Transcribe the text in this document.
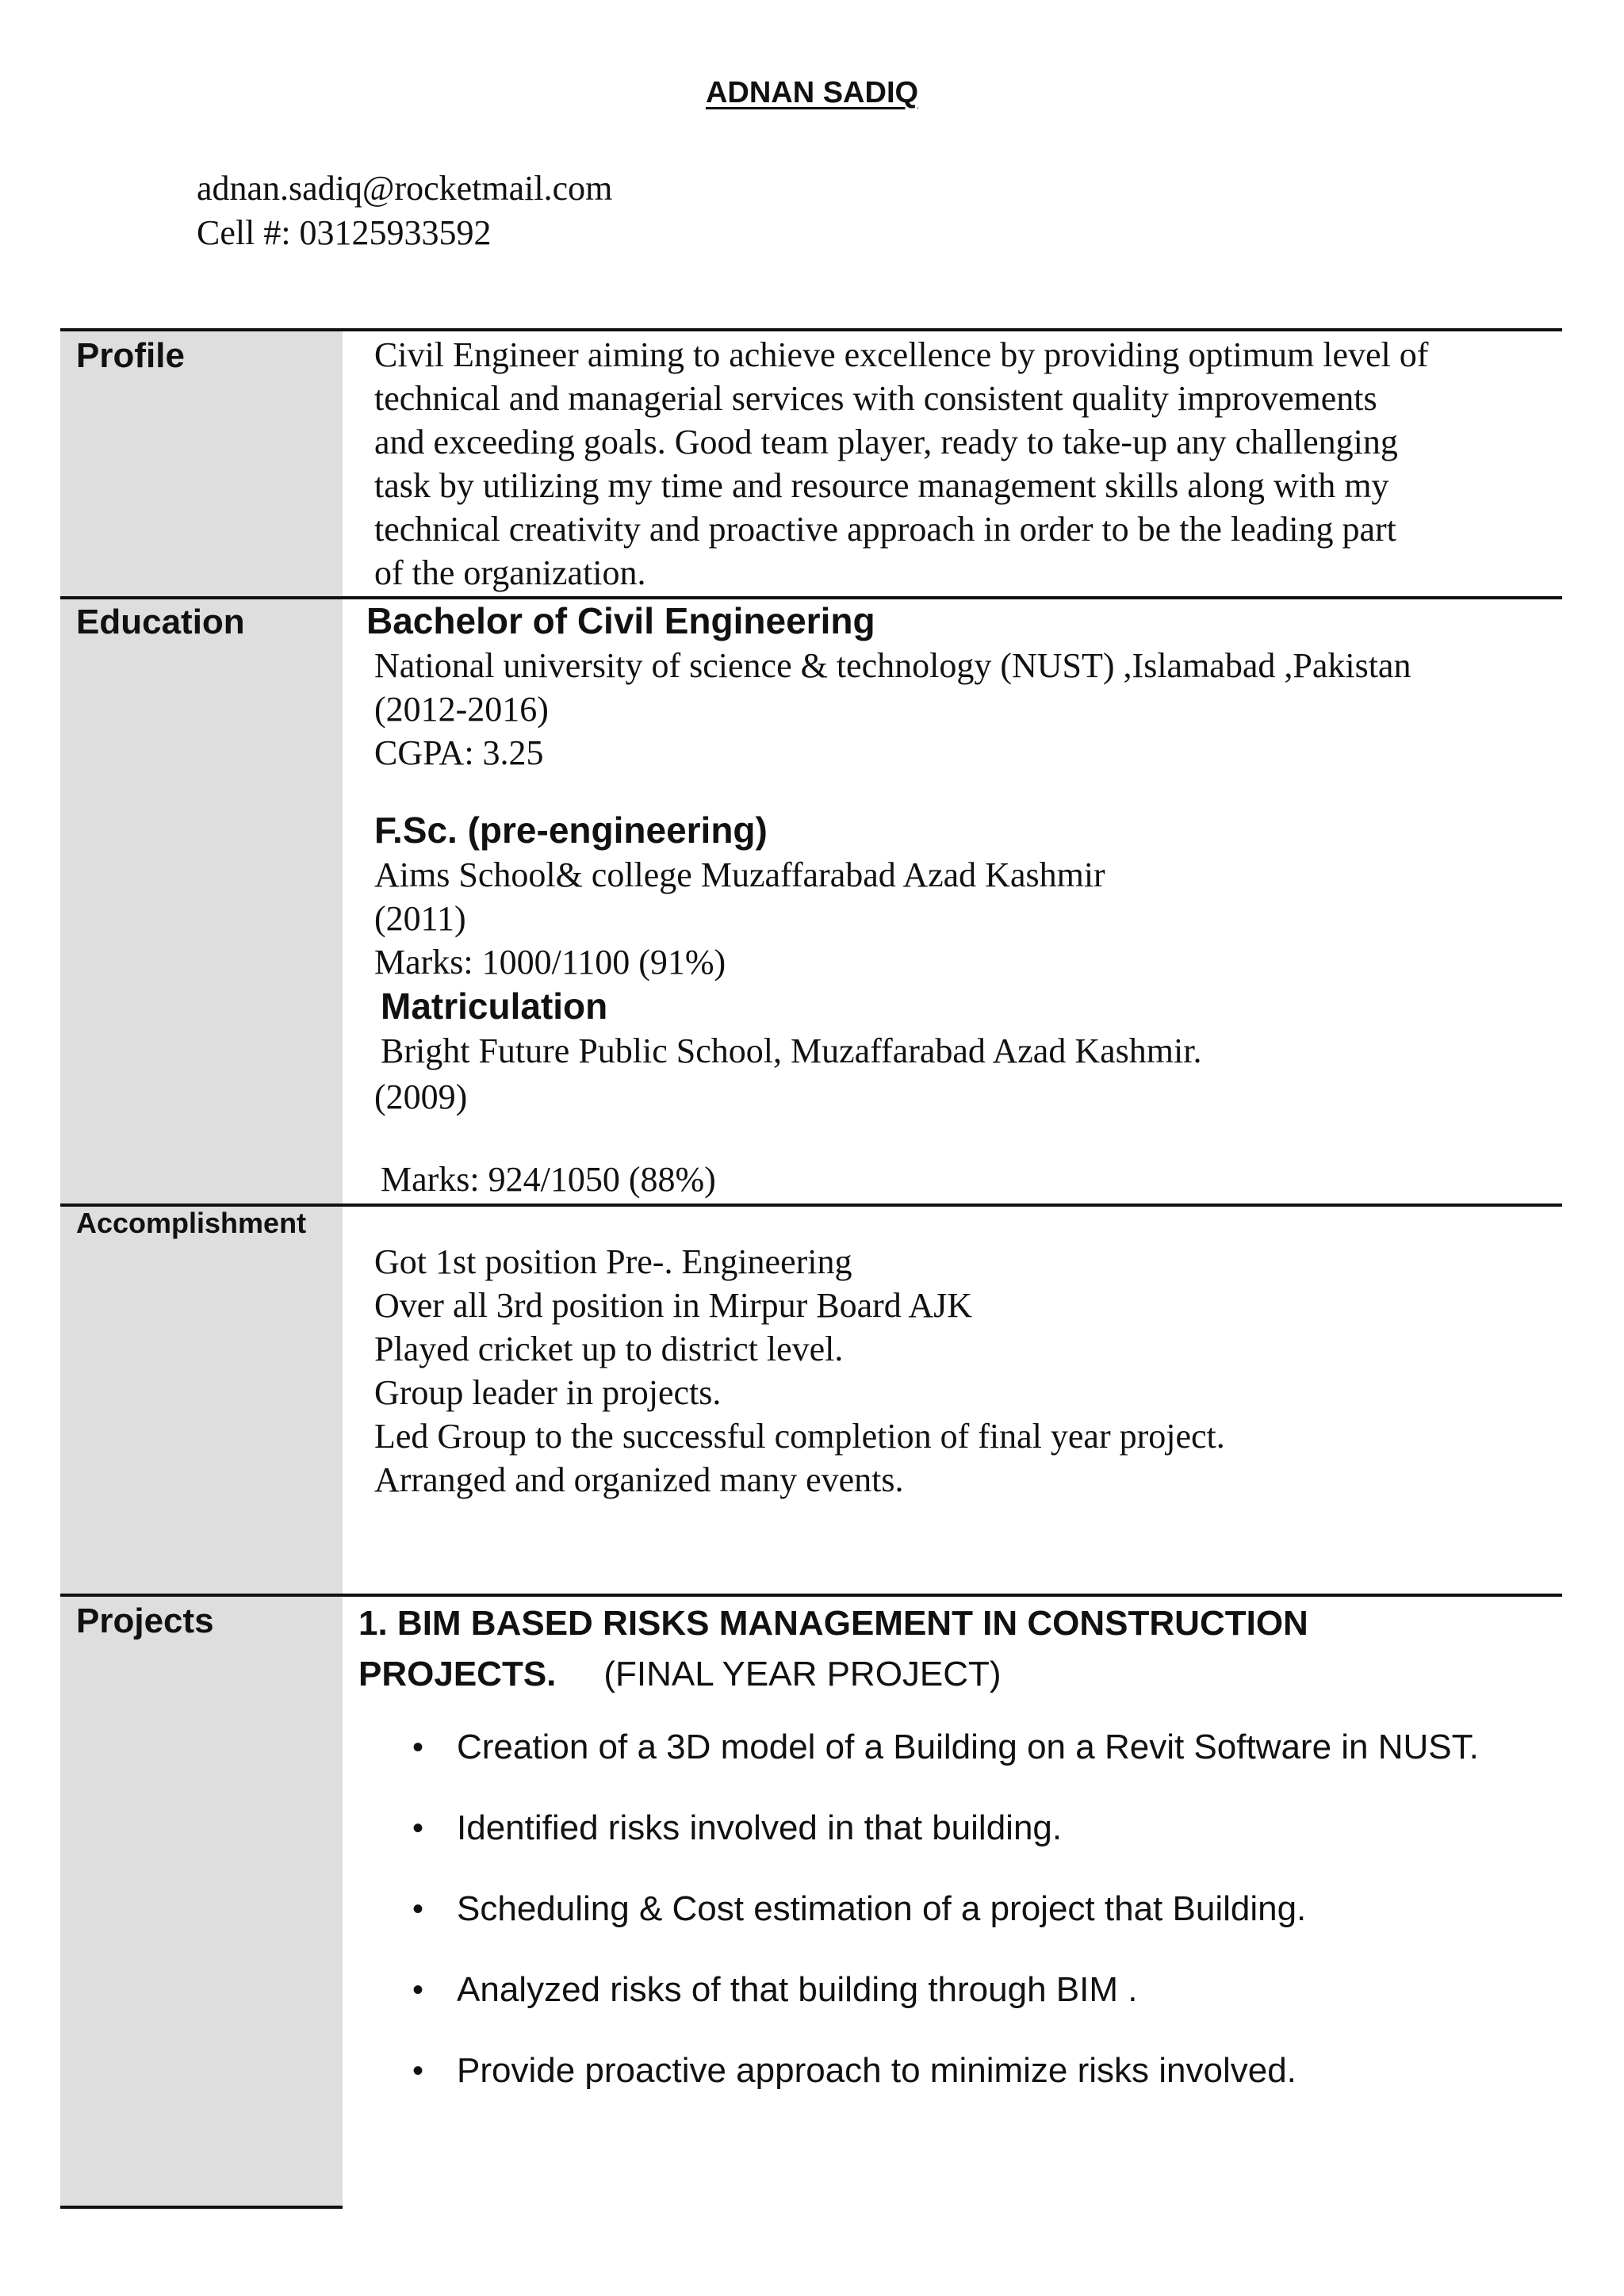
ADNAN SADIQ
adnan.sadiq@rocketmail.com
Cell #: 03125933592
Profile
Education
Accomplishment
Projects
Civil Engineer aiming to achieve excellence by providing optimum level of
technical and managerial services with consistent quality improvements
and exceeding goals. Good team player, ready to take-up any challenging
task by utilizing my time and resource management skills along with my
technical creativity and proactive approach in order to be the leading part
of the organization.
Bachelor of Civil Engineering
National university of science & technology (NUST) ,Islamabad ,Pakistan
(2012-2016)
CGPA: 3.25
F.Sc. (pre-engineering)
Aims School& college Muzaffarabad Azad Kashmir
(2011)
Marks: 1000/1100 (91%)
Matriculation
Bright Future Public School, Muzaffarabad Azad Kashmir.
(2009)
Marks: 924/1050 (88%)
Got 1st position Pre-. Engineering
Over all 3rd position in Mirpur Board AJK
Played cricket up to district level.
Group leader in projects.
Led Group to the successful completion of final year project.
Arranged and organized many events.
1. BIM BASED RISKS MANAGEMENT IN CONSTRUCTION
PROJECTS. (FINAL YEAR PROJECT)
• Creation of a 3D model of a Building on a Revit Software in NUST.
• Identified risks involved in that building.
• Scheduling & Cost estimation of a project that Building.
• Analyzed risks of that building through BIM .
• Provide proactive approach to minimize risks involved.
